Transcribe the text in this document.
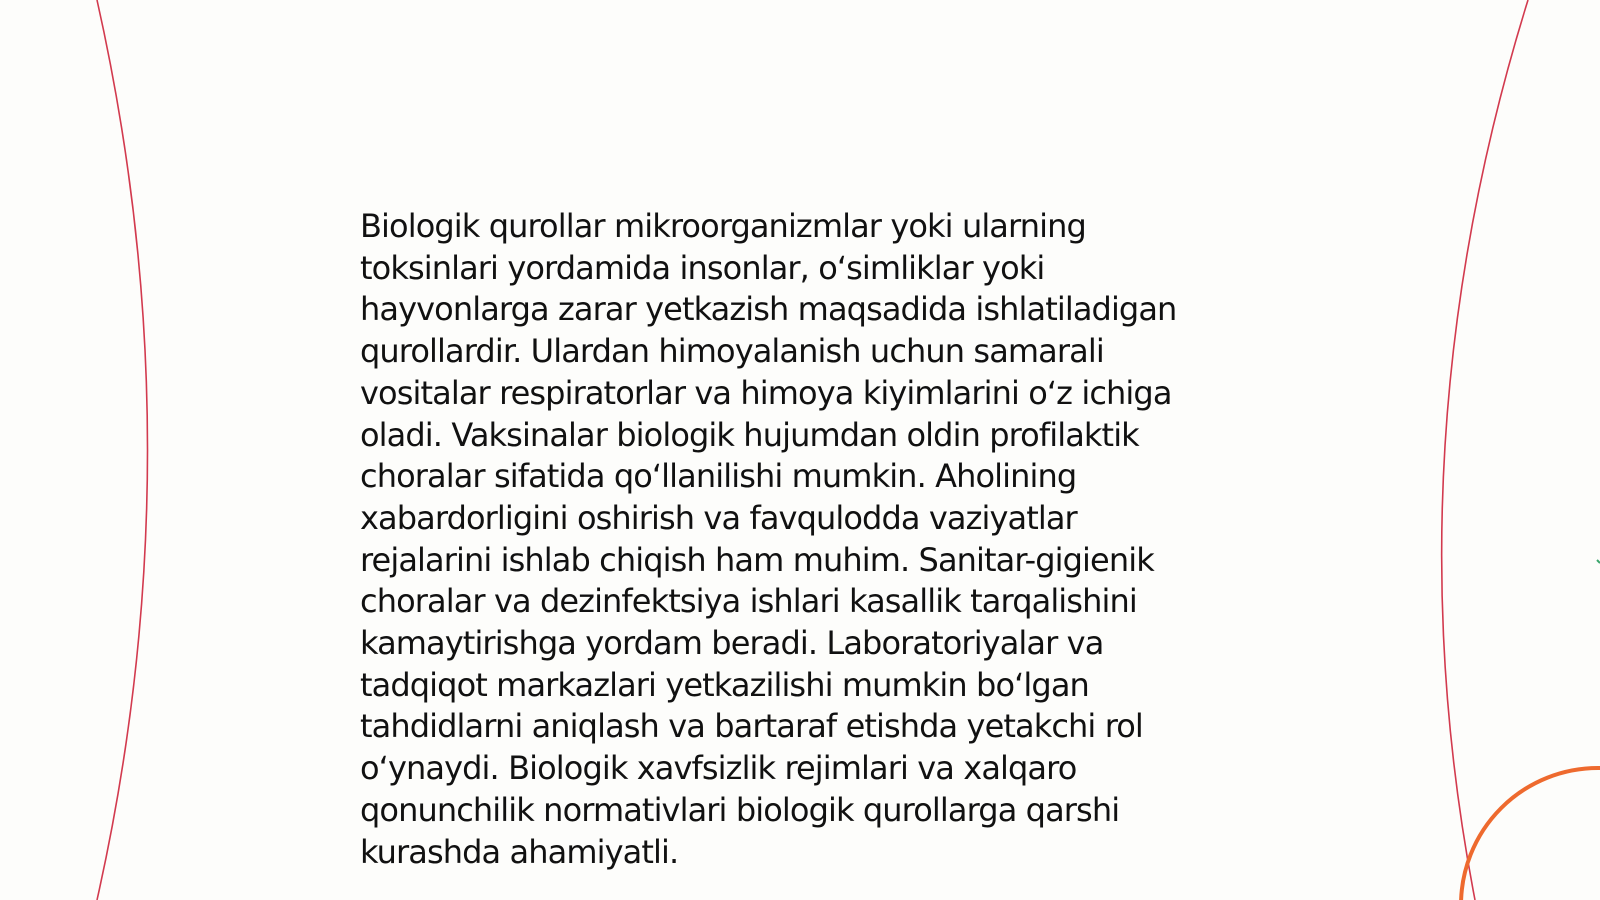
Biologik qurollar mikroorganizmlar yoki ularning
toksinlari yordamida insonlar, oʻsimliklar yoki
hayvonlarga zarar yetkazish maqsadida ishlatiladigan
qurollardir. Ulardan himoyalanish uchun samarali
vositalar respiratorlar va himoya kiyimlarini oʻz ichiga
oladi. Vaksinalar biologik hujumdan oldin profilaktik
choralar sifatida qoʻllanilishi mumkin. Aholining
xabardorligini oshirish va favqulodda vaziyatlar
rejalarini ishlab chiqish ham muhim. Sanitar-gigienik
choralar va dezinfektsiya ishlari kasallik tarqalishini
kamaytirishga yordam beradi. Laboratoriyalar va
tadqiqot markazlari yetkazilishi mumkin boʻlgan
tahdidlarni aniqlash va bartaraf etishda yetakchi rol
oʻynaydi. Biologik xavfsizlik rejimlari va xalqaro
qonunchilik normativlari biologik qurollarga qarshi
kurashda ahamiyatli.
